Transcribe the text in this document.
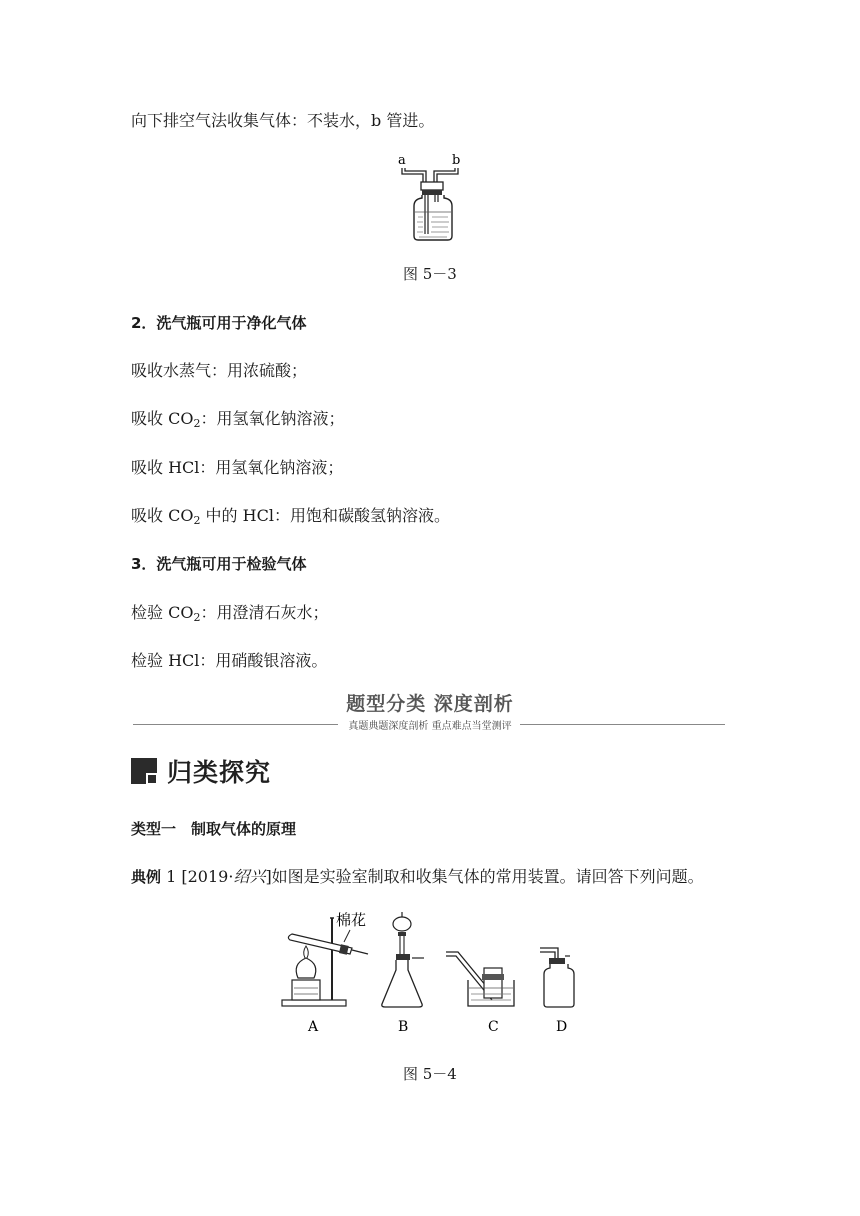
向下排空气法收集气体：不装水，b 管进。
a	b
图 5－3
2．洗气瓶可用于净化气体
吸收水蒸气：用浓硫酸；
吸收 $CO_2$：用氢氧化钠溶液；
吸收 HCl：用氢氧化钠溶液；
吸收 $CO_2$ 中的 HCl：用饱和碳酸氢钠溶液。
3．洗气瓶可用于检验气体
检验 $CO_2$：用澄清石灰水；
检验 HCl：用硝酸银溶液。
题型分类 深度剖析
真题典题深度剖析 重点难点当堂测评
归类探究
类型一　制取气体的原理
典例 1 [2019·绍兴]如图是实验室制取和收集气体的常用装置。请回答下列问题。
棉花
A	B	C	D
图 5－4
